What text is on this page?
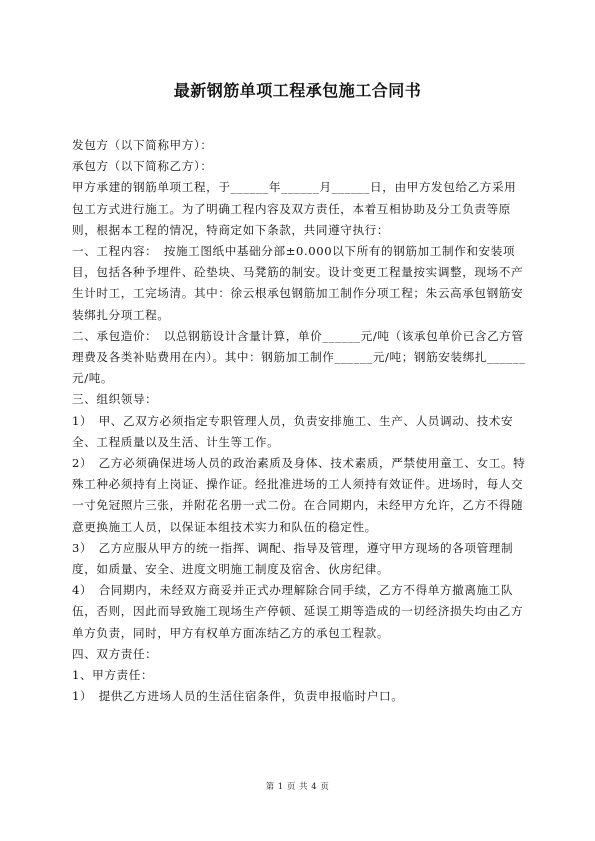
最新钢筋单项工程承包施工合同书

发包方（以下简称甲方）：

承包方（以下简称乙方）：

甲方承建的钢筋单项工程，于______年______月______日，由甲方发包给乙方采用包工方式进行施工。为了明确工程内容及双方责任，本着互相协助及分工负责等原则，根据本工程的情况，特商定如下条款，共同遵守执行：

一、工程内容：　按施工图纸中基础分部±0.000以下所有的钢筋加工制作和安装项目，包括各种予埋件、砼垫块、马凳筋的制安。设计变更工程量按实调整，现场不产生计时工，工完场清。其中：徐云根承包钢筋加工制作分项工程；朱云高承包钢筋安装绑扎分项工程。

二、承包造价：　以总钢筋设计含量计算，单价______元/吨（该承包单价已含乙方管理费及各类补贴费用在内）。其中：钢筋加工制作______元/吨；钢筋安装绑扎______元/吨。

三、组织领导：

1）　甲、乙双方必须指定专职管理人员，负责安排施工、生产、人员调动、技术安全、工程质量以及生活、计生等工作。

2）　乙方必须确保进场人员的政治素质及身体、技术素质，严禁使用童工、女工。特殊工种必须持有上岗证、操作证。经批准进场的工人须持有效证件。进场时，每人交一寸免冠照片三张，并附花名册一式二份。在合同期内，未经甲方允许，乙方不得随意更换施工人员，以保证本组技术实力和队伍的稳定性。

3）　乙方应服从甲方的统一指挥、调配、指导及管理，遵守甲方现场的各项管理制度，如质量、安全、进度文明施工制度及宿舍、伙房纪律。

4）　合同期内，未经双方商妥并正式办理解除合同手续，乙方不得单方撤离施工队伍，否则，因此而导致施工现场生产停顿、延误工期等造成的一切经济损失均由乙方单方负责，同时，甲方有权单方面冻结乙方的承包工程款。

四、双方责任：

1、甲方责任：

1）　提供乙方进场人员的生活住宿条件，负责申报临时户口。

第 1 页 共 4 页
